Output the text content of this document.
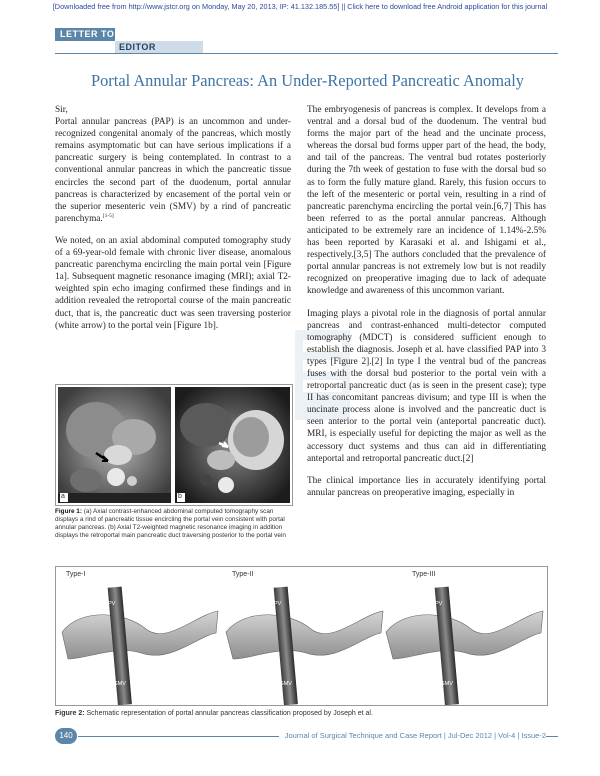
[Downloaded free from http://www.jstcr.org on Monday, May 20, 2013, IP: 41.132.185.55] || Click here to download free Android application for this journal
LETTER TO
EDITOR
Portal Annular Pancreas: An Under-Reported Pancreatic Anomaly

Sir,

Portal annular pancreas (PAP) is an uncommon and under-recognized congenital anomaly of the pancreas, which mostly remains asymptomatic but can have serious implications if a pancreatic surgery is being contemplated. In contrast to a conventional annular pancreas in which the pancreatic tissue encircles the second part of the duodenum, portal annular pancreas is characterized by encasement of the portal vein or the superior mesenteric vein (SMV) by a rind of pancreatic parenchyma.[1-5]

We noted, on an axial abdominal computed tomography study of a 69-year-old female with chronic liver disease, anomalous pancreatic parenchyma encircling the main portal vein [Figure 1a]. Subsequent magnetic resonance imaging (MRI); axial T2-weighted spin echo imaging confirmed these findings and in addition revealed the retroportal course of the main pancreatic duct, that is, the pancreatic duct was seen traversing posterior (white arrow) to the portal vein [Figure 1b].

a	b
Figure 1: (a) Axial contrast-enhanced abdominal computed tomography scan displays a rind of pancreatic tissue encircling the portal vein consistent with portal annular pancreas. (b) Axial T2-weighted magnetic resonance imaging in addition displays the retroportal main pancreatic duct traversing posterior to the portal vein

The embryogenesis of pancreas is complex. It develops from a ventral and a dorsal bud of the duodenum. The ventral bud forms the major part of the head and the uncinate process, whereas the dorsal bud forms upper part of the head, the body, and tail of the pancreas. The ventral bud rotates posteriorly during the 7th week of gestation to fuse with the dorsal bud so as to form the fully mature gland. Rarely, this fusion occurs to the left of the mesenteric or portal vein, resulting in a rind of pancreatic parenchyma encircling the portal vein.[6,7] This has been referred to as the portal annular pancreas. Although anticipated to be extremely rare an incidence of 1.14%-2.5% has been reported by Karasaki et al. and Ishigami et al., respectively.[3,5] The authors concluded that the prevalence of portal annular pancreas is not extremely low but is not readily recognized on preoperative imaging due to lack of adequate knowledge and awareness of this uncommon variant.

Imaging plays a pivotal role in the diagnosis of portal annular pancreas and contrast-enhanced multi-detector computed tomography (MDCT) is considered sufficient enough to establish the diagnosis. Joseph et al. have classified PAP into 3 types [Figure 2].[2] In type I the ventral bud of the pancreas fuses with the dorsal bud posterior to the portal vein with a retroportal pancreatic duct (as is seen in the present case); type II has concomitant pancreas divisum; and type III is when the uncinate process alone is involved and the pancreatic duct is seen anterior to the portal vein (anteportal pancreatic duct). MRI, is especially useful for depicting the major as well as the accessory duct systems and thus can aid in differentiating anteportal and retroportal pancreatic duct.[2]

The clinical importance lies in accurately identifying portal annular pancreas on preoperative imaging, especially in

Type-I	Type-II	Type-III
PV	PV	PV
SMV	SMV	SMV
Figure 2: Schematic representation of portal annular pancreas classification proposed by Joseph et al.
140	Journal of Surgical Technique and Case Report | Jul-Dec 2012 | Vol-4 | Issue-2
